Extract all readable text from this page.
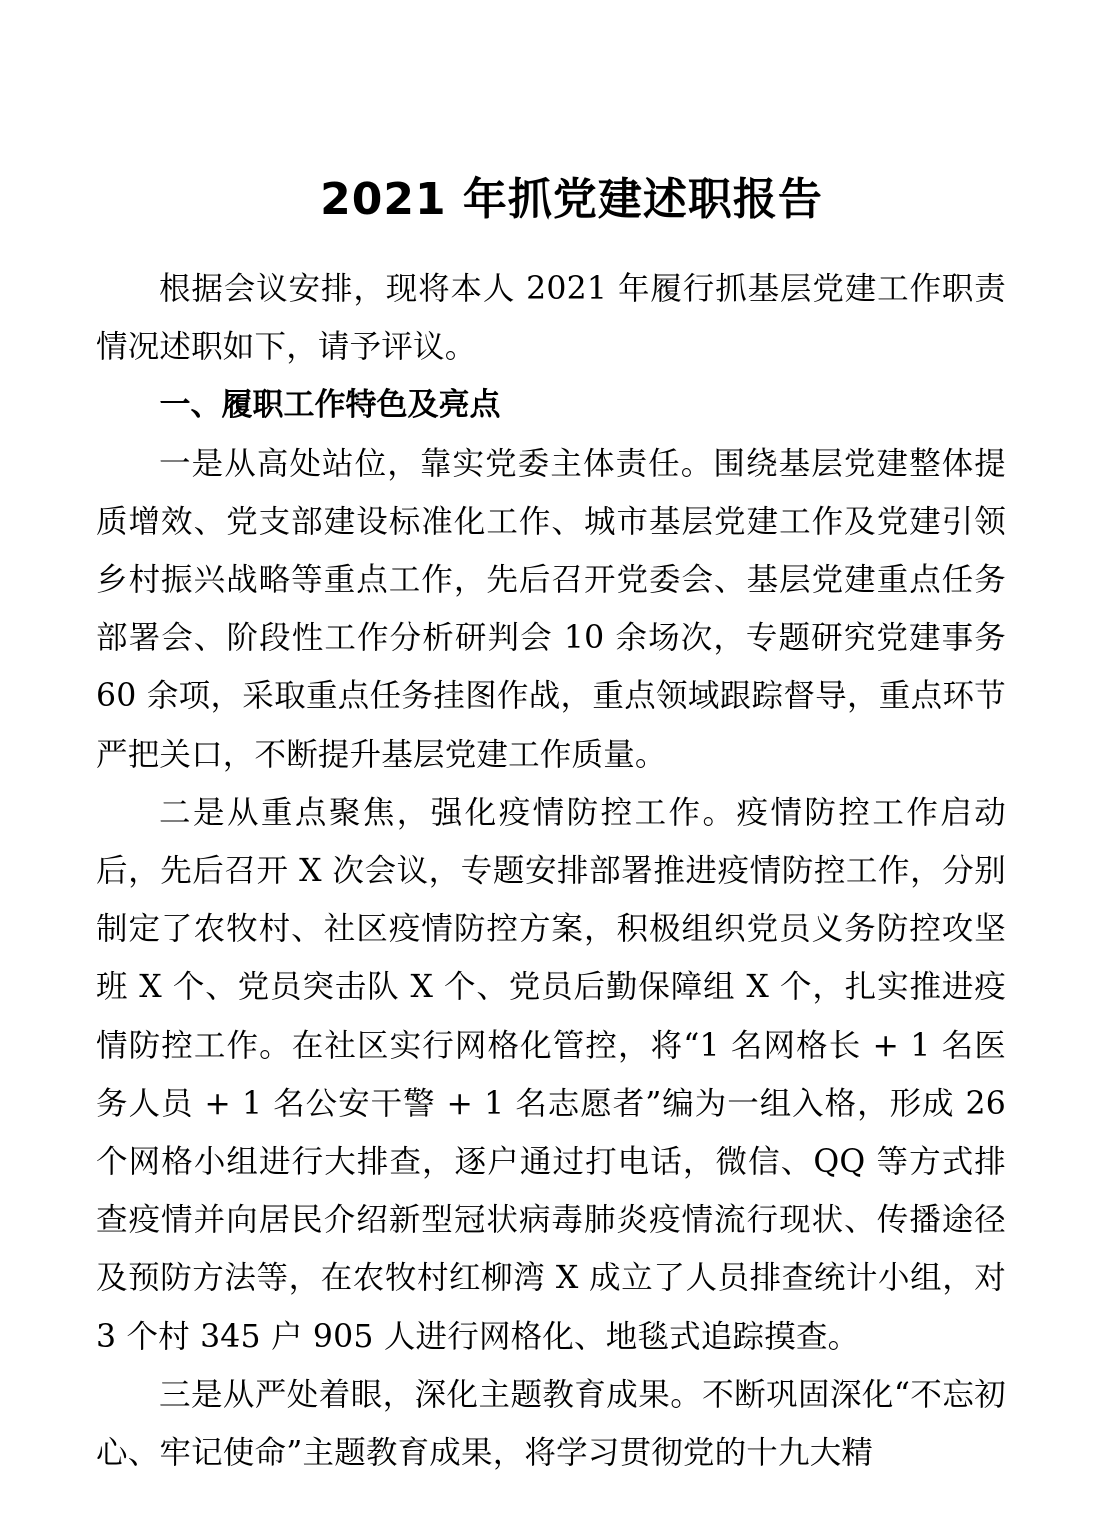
2021 年抓党建述职报告

根据会议安排，现将本人 2021 年履行抓基层党建工作职责情况述职如下，请予评议。

一、履职工作特色及亮点

一是从高处站位，靠实党委主体责任。围绕基层党建整体提质增效、党支部建设标准化工作、城市基层党建工作及党建引领乡村振兴战略等重点工作，先后召开党委会、基层党建重点任务部署会、阶段性工作分析研判会 10 余场次，专题研究党建事务 60 余项，采取重点任务挂图作战，重点领域跟踪督导，重点环节严把关口，不断提升基层党建工作质量。

二是从重点聚焦，强化疫情防控工作。疫情防控工作启动后，先后召开 X 次会议，专题安排部署推进疫情防控工作，分别制定了农牧村、社区疫情防控方案，积极组织党员义务防控攻坚班 X 个、党员突击队 X 个、党员后勤保障组 X 个，扎实推进疫情防控工作。在社区实行网格化管控，将“1 名网格长 + 1 名医务人员 + 1 名公安干警 + 1 名志愿者”编为一组入格，形成 26 个网格小组进行大排查，逐户通过打电话，微信、QQ 等方式排查疫情并向居民介绍新型冠状病毒肺炎疫情流行现状、传播途径及预防方法等，在农牧村红柳湾 X 成立了人员排查统计小组，对 3 个村 345 户 905 人进行网格化、地毯式追踪摸查。

三是从严处着眼，深化主题教育成果。不断巩固深化“不忘初心、牢记使命”主题教育成果，将学习贯彻党的十九大精
